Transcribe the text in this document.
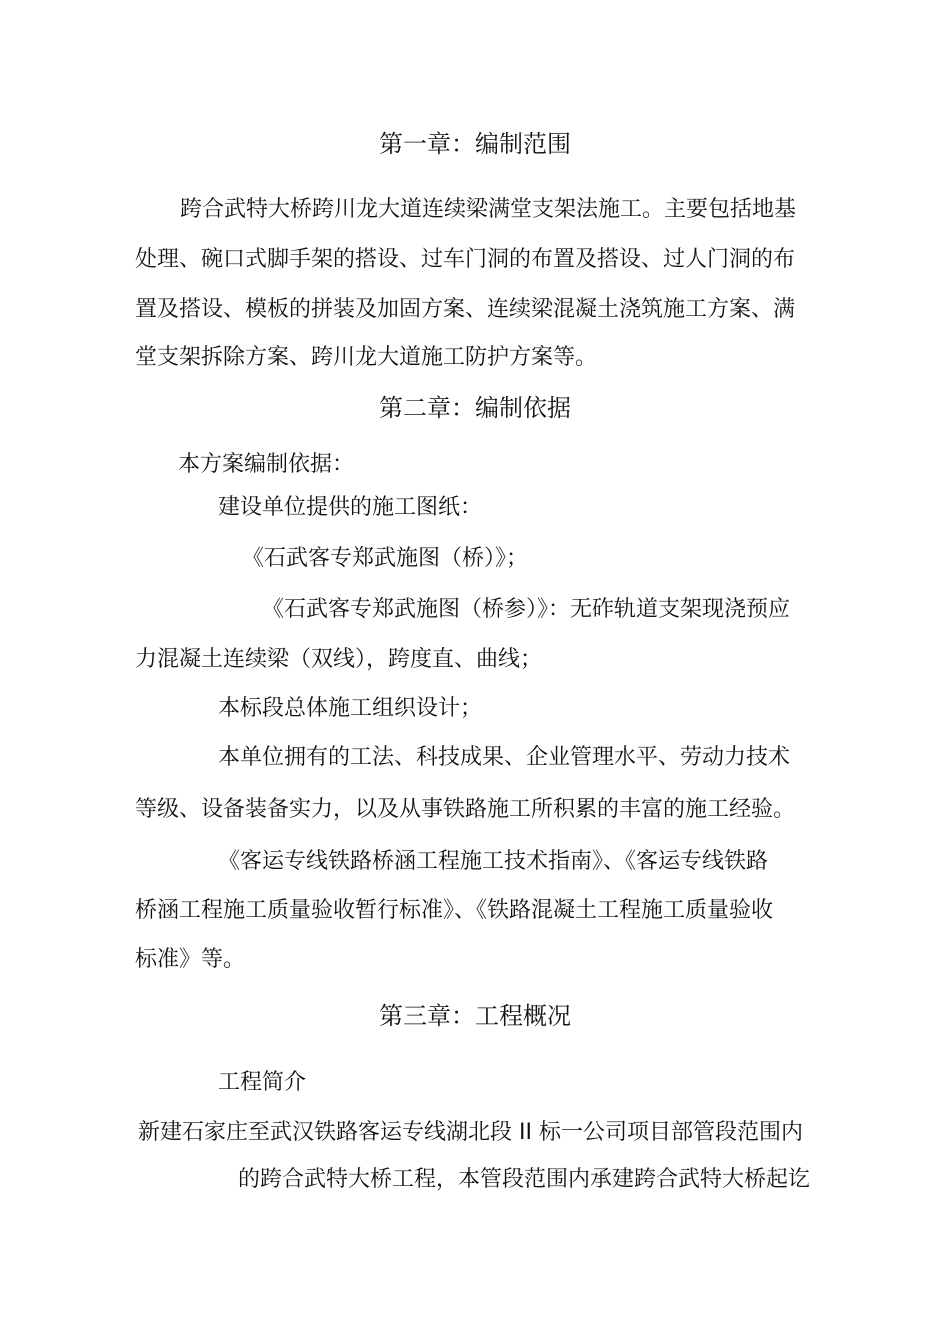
第一章：编制范围

跨合武特大桥跨川龙大道连续梁满堂支架法施工。主要包括地基

处理、碗口式脚手架的搭设、过车门洞的布置及搭设、过人门洞的布

置及搭设、模板的拼装及加固方案、连续梁混凝土浇筑施工方案、满

堂支架拆除方案、跨川龙大道施工防护方案等。

第二章：编制依据

本方案编制依据：

建设单位提供的施工图纸：

《石武客专郑武施图（桥）》；

《石武客专郑武施图（桥参）》：无砟轨道支架现浇预应

力混凝土连续梁（双线），跨度直、曲线；

本标段总体施工组织设计；

本单位拥有的工法、科技成果、企业管理水平、劳动力技术

等级、设备装备实力，以及从事铁路施工所积累的丰富的施工经验。

《客运专线铁路桥涵工程施工技术指南》、《客运专线铁路

桥涵工程施工质量验收暂行标准》、《铁路混凝土工程施工质量验收

标准》等。

第三章：工程概况

工程简介

新建石家庄至武汉铁路客运专线湖北段 II 标一公司项目部管段范围内

的跨合武特大桥工程，本管段范围内承建跨合武特大桥起讫
